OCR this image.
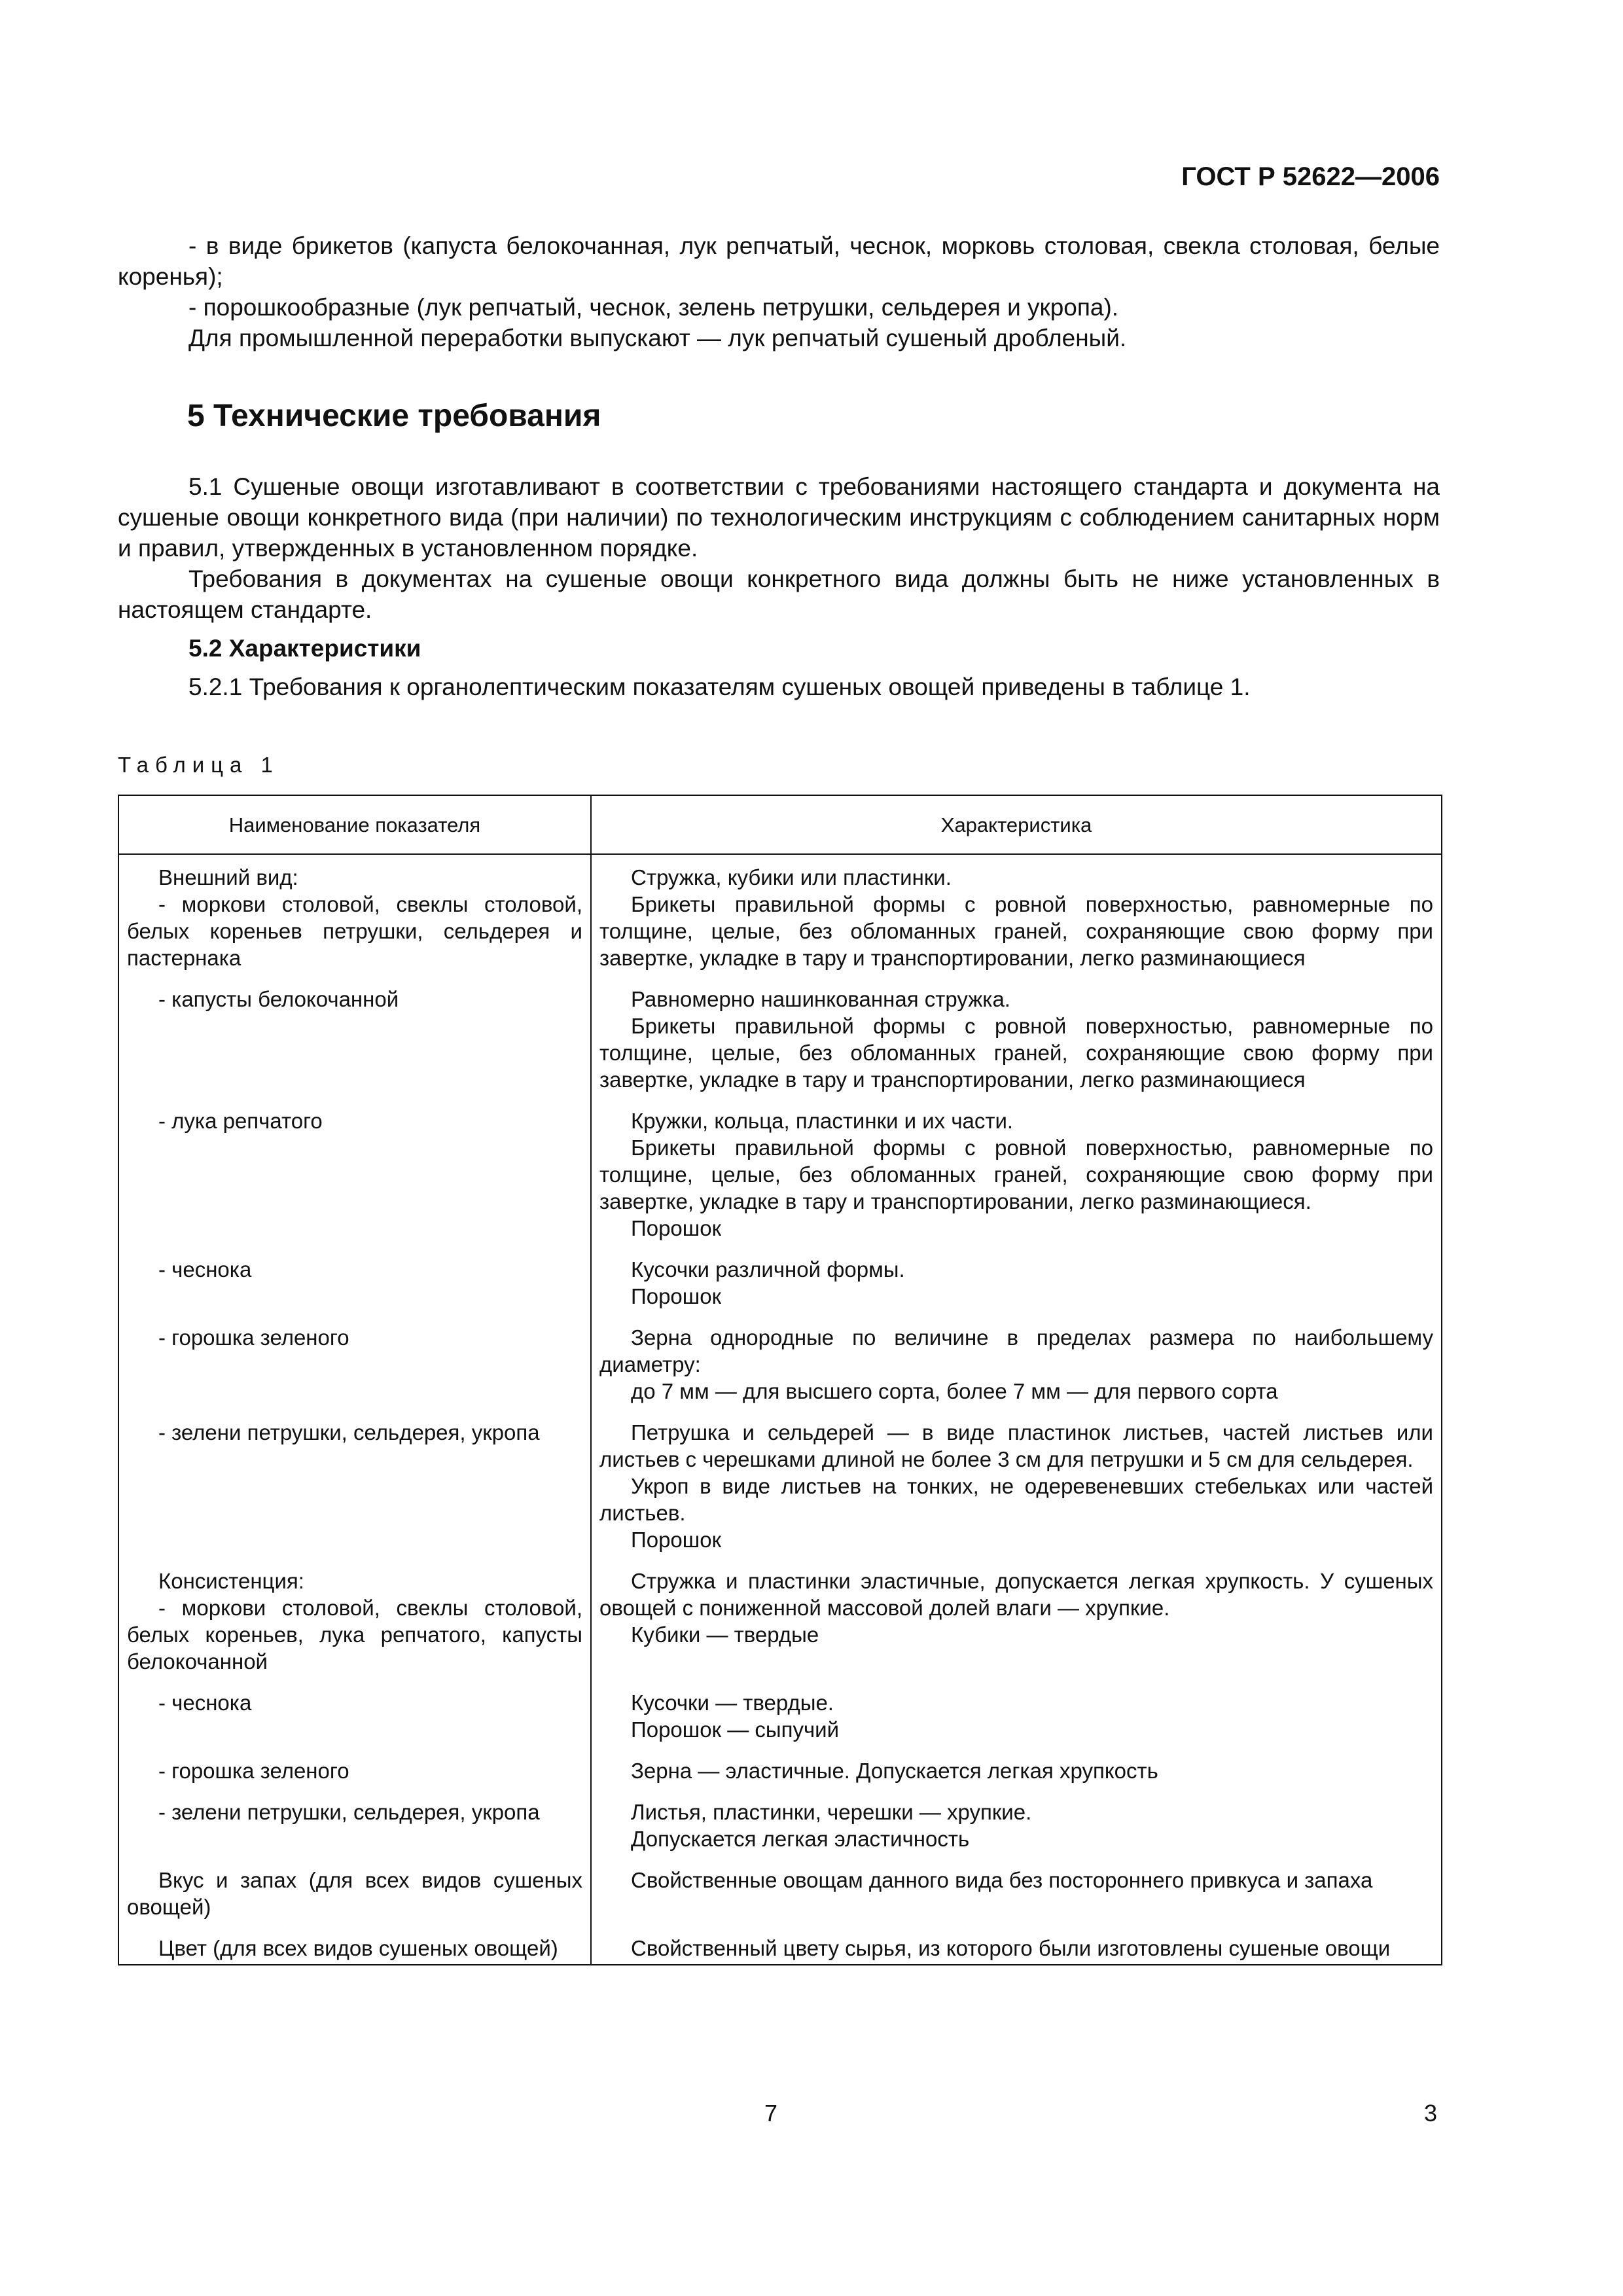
ГОСТ Р 52622—2006

- в виде брикетов (капуста белокочанная, лук репчатый, чеснок, морковь столовая, свекла столовая, белые коренья);

- порошкообразные (лук репчатый, чеснок, зелень петрушки, сельдерея и укропа).

Для промышленной переработки выпускают — лук репчатый сушеный дробленый.

5 Технические требования

5.1 Сушеные овощи изготавливают в соответствии с требованиями настоящего стандарта и документа на сушеные овощи конкретного вида (при наличии) по технологическим инструкциям с соблюдением санитарных норм и правил, утвержденных в установленном порядке.

Требования в документах на сушеные овощи конкретного вида должны быть не ниже установленных в настоящем стандарте.

5.2 Характеристики

5.2.1 Требования к органолептическим показателям сушеных овощей приведены в таблице 1.

Таблица 1
Наименование показателя	Характеристика

Внешний вид:
- моркови столовой, свеклы столовой, белых кореньев петрушки, сельдерея и пастернака	Стружка, кубики или пластинки.
Брикеты правильной формы с ровной поверхностью, равномерные по толщине, целые, без обломанных граней, сохраняющие свою форму при завертке, укладке в тару и транспортировании, легко разминающиеся

- капусты белокочанной	Равномерно нашинкованная стружка.
Брикеты правильной формы с ровной поверхностью, равномерные по толщине, целые, без обломанных граней, сохраняющие свою форму при завертке, укладке в тару и транспортировании, легко разминающиеся

- лука репчатого	Кружки, кольца, пластинки и их части.
Брикеты правильной формы с ровной поверхностью, равномерные по толщине, целые, без обломанных граней, сохраняющие свою форму при завертке, укладке в тару и транспортировании, легко разминающиеся.
Порошок

- чеснока	Кусочки различной формы.
Порошок

- горошка зеленого	Зерна однородные по величине в пределах размера по наибольшему диаметру:
до 7 мм — для высшего сорта, более 7 мм — для первого сорта

- зелени петрушки, сельдерея, укропа	Петрушка и сельдерей — в виде пластинок листьев, частей листьев или листьев с черешками длиной не более 3 см для петрушки и 5 см для сельдерея.
Укроп в виде листьев на тонких, не одеревеневших стебельках или частей листьев.
Порошок

Консистенция:
- моркови столовой, свеклы столовой, белых кореньев, лука репчатого, капусты белокочанной	Стружка и пластинки эластичные, допускается легкая хрупкость. У сушеных овощей с пониженной массовой долей влаги — хрупкие.
Кубики — твердые

- чеснока	Кусочки — твердые.
Порошок — сыпучий

- горошка зеленого	Зерна — эластичные. Допускается легкая хрупкость

- зелени петрушки, сельдерея, укропа	Листья, пластинки, черешки — хрупкие.
Допускается легкая эластичность

Вкус и запах (для всех видов сушеных овощей)	Свойственные овощам данного вида без постороннего привкуса и запаха

Цвет (для всех видов сушеных овощей)	Свойственный цвету сырья, из которого были изготовлены сушеные овощи
7	3
